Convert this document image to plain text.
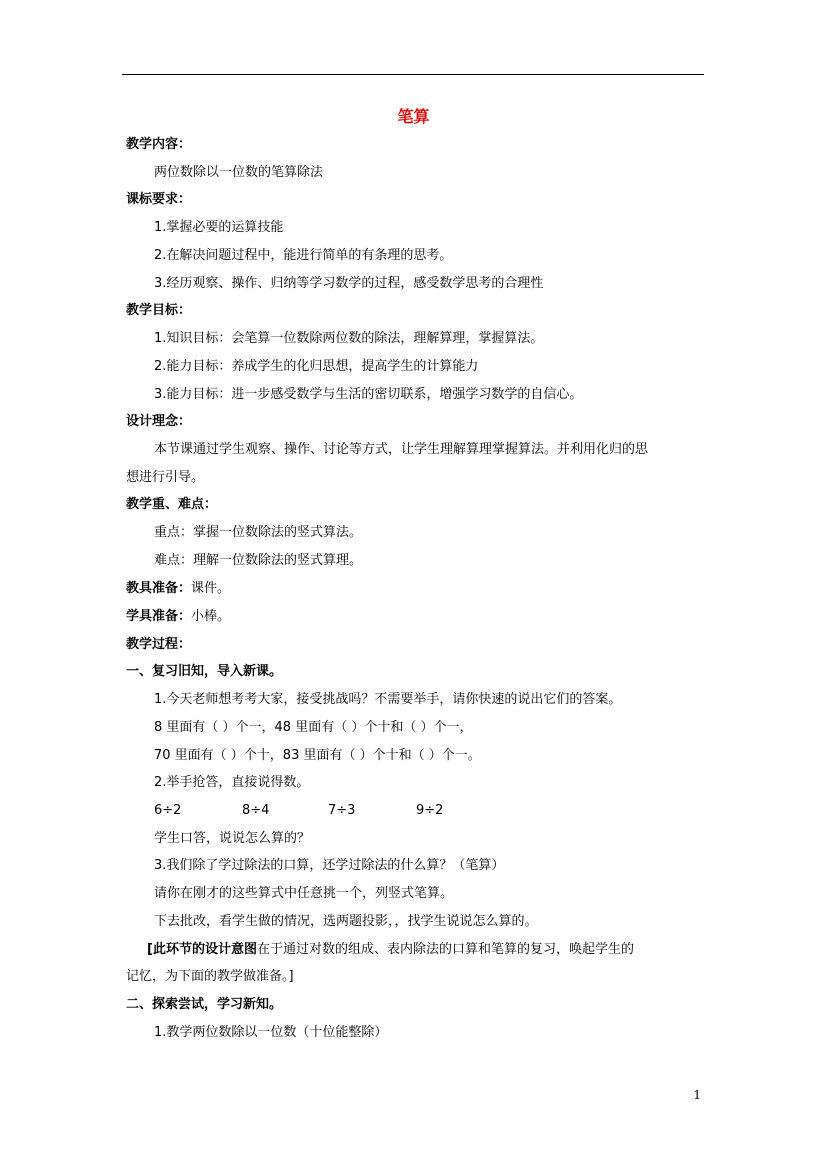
笔算
教学内容：
两位数除以一位数的笔算除法
课标要求：
1.掌握必要的运算技能
2.在解决问题过程中，能进行简单的有条理的思考。
3.经历观察、操作、归纳等学习数学的过程，感受数学思考的合理性
教学目标：
1.知识目标：会笔算一位数除两位数的除法，理解算理，掌握算法。
2.能力目标：养成学生的化归思想，提高学生的计算能力
3.能力目标：进一步感受数学与生活的密切联系，增强学习数学的自信心。
设计理念：
本节课通过学生观察、操作、讨论等方式，让学生理解算理掌握算法。并利用化归的思
想进行引导。
教学重、难点：
重点：掌握一位数除法的竖式算法。
难点：理解一位数除法的竖式算理。
教具准备：课件。
学具准备：小棒。
教学过程：
一、复习旧知，导入新课。
1.今天老师想考考大家，接受挑战吗？不需要举手，请你快速的说出它们的答案。
8 里面有（ ）个一，48 里面有（ ）个十和（ ）个一，
70 里面有（ ）个十，83 里面有（ ）个十和（ ）个一。
2.举手抢答，直接说得数。
6÷2	8÷4	7÷3	9÷2
学生口答，说说怎么算的？
3.我们除了学过除法的口算，还学过除法的什么算？（笔算）
请你在刚才的这些算式中任意挑一个，列竖式笔算。
下去批改，看学生做的情况，选两题投影，，找学生说说怎么算的。
[此环节的设计意图在于通过对数的组成、表内除法的口算和笔算的复习，唤起学生的
记忆，为下面的教学做准备。]
二、探索尝试，学习新知。
1.教学两位数除以一位数（十位能整除）
1
